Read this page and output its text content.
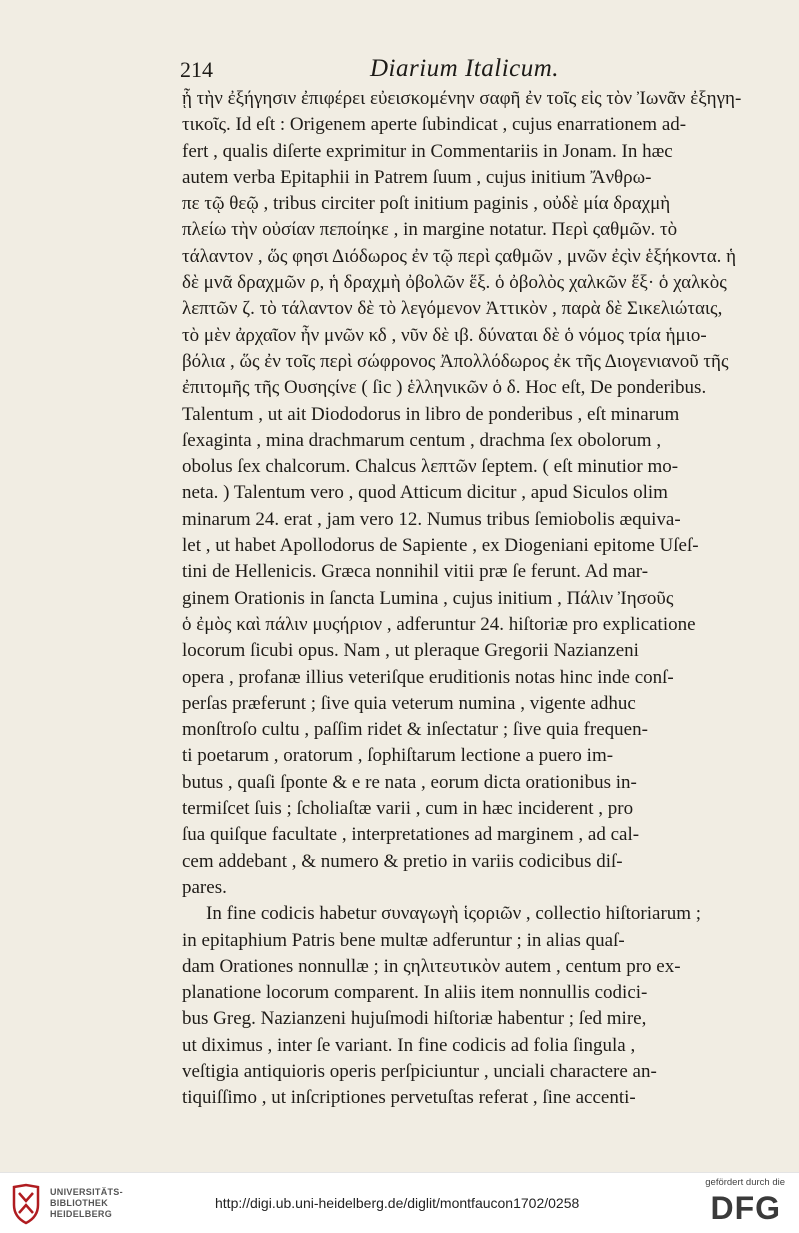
214	Diarium Italicum.

ᾗ τὴν ἐξήγησιν ἐπιφέρει εὐεισκομένην σαφῆ ἐν τοῖς εἰς τὸν Ἰωνᾶν ἐξηγη-

τικοῖς. Id eſt : Origenem aperte ſubindicat , cujus enarrationem ad-

fert , qualis diſerte exprimitur in Commentariis in Jonam. In hæc

autem verba Epitaphii in Patrem ſuum , cujus initium Ἄνθρω-

πε τῷ θεῷ , tribus circiter poſt initium paginis , οὐδὲ μία δραχμὴ

πλείω τὴν οὐσίαν πεποίηκε , in margine notatur. Περὶ ςαθμῶν. τὸ

τάλαντον , ὥς φησι Διόδωρος ἐν τῷ περὶ ςαθμῶν , μνῶν ἐςὶν ἑξήκοντα. ἡ

δὲ μνᾶ δραχμῶν ρ, ἡ δραχμὴ ὀβολῶν ἕξ. ὁ ὀβολὸς χαλκῶν ἕξ· ὁ χαλκὸς

λεπτῶν ζ. τὸ τάλαντον δὲ τὸ λεγόμενον Ἀττικὸν , παρὰ δὲ Σικελιώταις,

τὸ μὲν ἀρχαῖον ἦν μνῶν κδ , νῦν δὲ ιβ. δύναται δὲ ὁ νόμος τρία ἡμιο-

βόλια , ὥς ἐν τοῖς περὶ σώφρονος Ἀπολλόδωρος ἐκ τῆς Διογενιανοῦ τῆς

ἐπιτομῆς τῆς Ουσηςίνε ( ſic ) ἑλληνικῶν ὁ δ. Hoc eſt, De ponderibus.

Talentum , ut ait Diododorus in libro de ponderibus , eſt minarum

ſexaginta , mina drachmarum centum , drachma ſex obolorum ,

obolus ſex chalcorum. Chalcus λεπτῶν ſeptem. ( eſt minutior mo-

neta. ) Talentum vero , quod Atticum dicitur , apud Siculos olim

minarum 24. erat , jam vero 12. Numus tribus ſemiobolis æquiva-

let , ut habet Apollodorus de Sapiente , ex Diogeniani epitome Uſeſ-

tini de Hellenicis. Græca nonnihil vitii præ ſe ferunt. Ad mar-

ginem Orationis in ſancta Lumina , cujus initium , Πάλιν Ἰησοῦς

ὁ ἐμὸς καὶ πάλιν μυςήριον , adferuntur 24. hiſtoriæ pro explicatione

locorum ſicubi opus. Nam , ut pleraque Gregorii Nazianzeni

opera , profanæ illius veteriſque eruditionis notas hinc inde conſ-

perſas præferunt ; ſive quia veterum numina , vigente adhuc

monſtroſo cultu , paſſim ridet & inſectatur ; ſive quia frequen-

ti poetarum , oratorum , ſophiſtarum lectione a puero im-

butus , quaſi ſponte & e re nata , eorum dicta orationibus in-

termiſcet ſuis ; ſcholiaſtæ varii , cum in hæc inciderent , pro

ſua quiſque facultate , interpretationes ad marginem , ad cal-

cem addebant , & numero & pretio in variis codicibus diſ-

pares.

In fine codicis habetur συναγωγὴ ἱςοριῶν , collectio hiſtoriarum ;

in epitaphium Patris bene multæ adferuntur ; in alias quaſ-

dam Orationes nonnullæ ; in ςηλιτευτικὸν autem , centum pro ex-

planatione locorum comparent. In aliis item nonnullis codici-

bus Greg. Nazianzeni hujuſmodi hiſtoriæ habentur ; ſed mire,

ut diximus , inter ſe variant. In fine codicis ad folia ſingula ,

veſtigia antiquioris operis perſpiciuntur , unciali charactere an-

tiquiſſimo , ut inſcriptiones pervetuſtas referat , ſine accenti-

UNIVERSITÄTS-
BIBLIOTHEK
HEIDELBERG
http://digi.ub.uni-heidelberg.de/diglit/montfaucon1702/0258
gefördert durch die
DFG
